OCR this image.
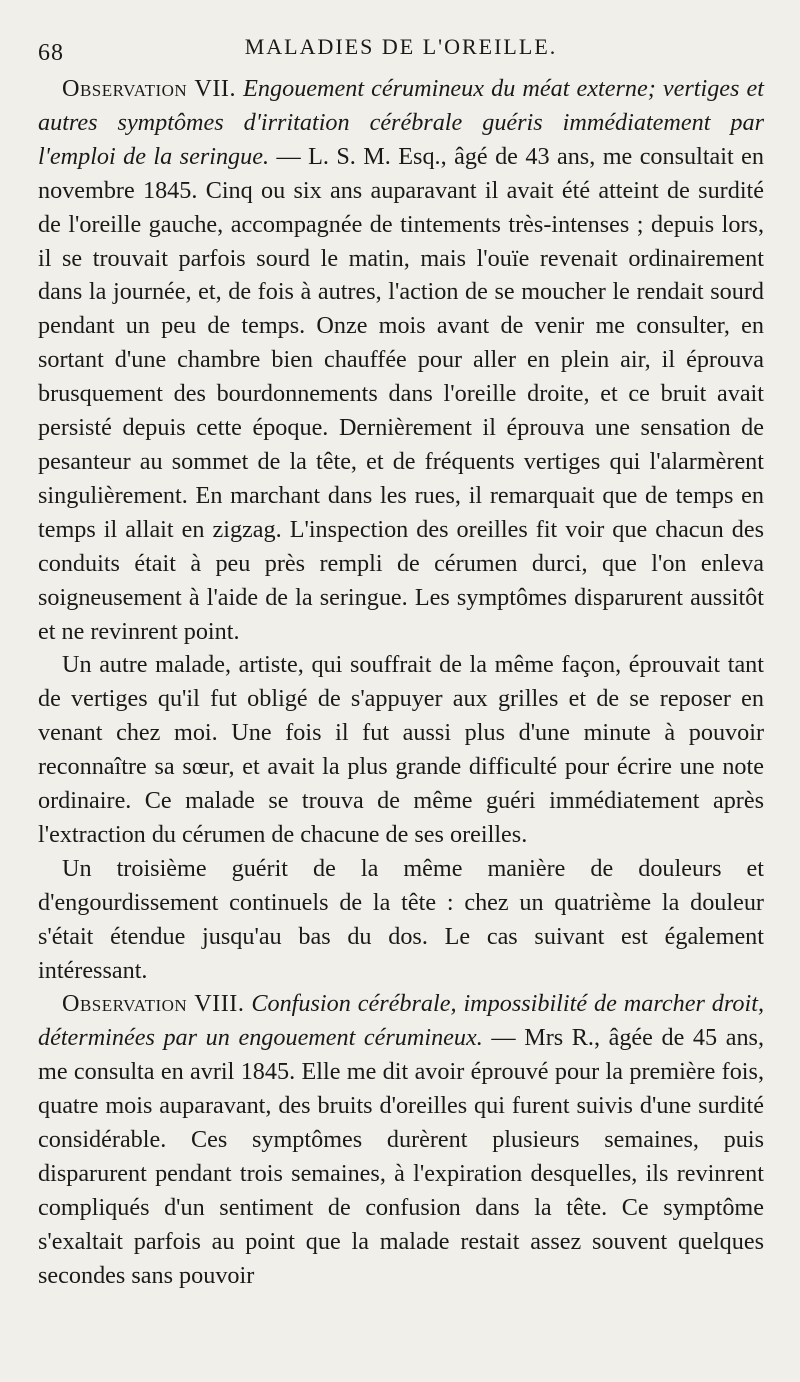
68	MALADIES DE L'OREILLE.

Observation VII. Engouement cérumineux du méat externe; vertiges et autres symptômes d'irritation cérébrale guéris immédiatement par l'emploi de la seringue. — L. S. M. Esq., âgé de 43 ans, me consultait en novembre 1845. Cinq ou six ans auparavant il avait été atteint de surdité de l'oreille gauche, accompagnée de tintements très-intenses ; depuis lors, il se trouvait parfois sourd le matin, mais l'ouïe revenait ordinairement dans la journée, et, de fois à autres, l'action de se moucher le rendait sourd pendant un peu de temps. Onze mois avant de venir me consulter, en sortant d'une chambre bien chauffée pour aller en plein air, il éprouva brusquement des bourdonnements dans l'oreille droite, et ce bruit avait persisté depuis cette époque. Dernièrement il éprouva une sensation de pesanteur au sommet de la tête, et de fréquents vertiges qui l'alarmèrent singulièrement. En marchant dans les rues, il remarquait que de temps en temps il allait en zigzag. L'inspection des oreilles fit voir que chacun des conduits était à peu près rempli de cérumen durci, que l'on enleva soigneusement à l'aide de la seringue. Les symptômes disparurent aussitôt et ne revinrent point.

Un autre malade, artiste, qui souffrait de la même façon, éprouvait tant de vertiges qu'il fut obligé de s'appuyer aux grilles et de se reposer en venant chez moi. Une fois il fut aussi plus d'une minute à pouvoir reconnaître sa sœur, et avait la plus grande difficulté pour écrire une note ordinaire. Ce malade se trouva de même guéri immédiatement après l'extraction du cérumen de chacune de ses oreilles.

Un troisième guérit de la même manière de douleurs et d'engourdissement continuels de la tête : chez un quatrième la douleur s'était étendue jusqu'au bas du dos. Le cas suivant est également intéressant.

Observation VIII. Confusion cérébrale, impossibilité de marcher droit, déterminées par un engouement cérumineux. — Mrs R., âgée de 45 ans, me consulta en avril 1845. Elle me dit avoir éprouvé pour la première fois, quatre mois auparavant, des bruits d'oreilles qui furent suivis d'une surdité considérable. Ces symptômes durèrent plusieurs semaines, puis disparurent pendant trois semaines, à l'expiration desquelles, ils revinrent compliqués d'un sentiment de confusion dans la tête. Ce symptôme s'exaltait parfois au point que la malade restait assez souvent quelques secondes sans pouvoir
